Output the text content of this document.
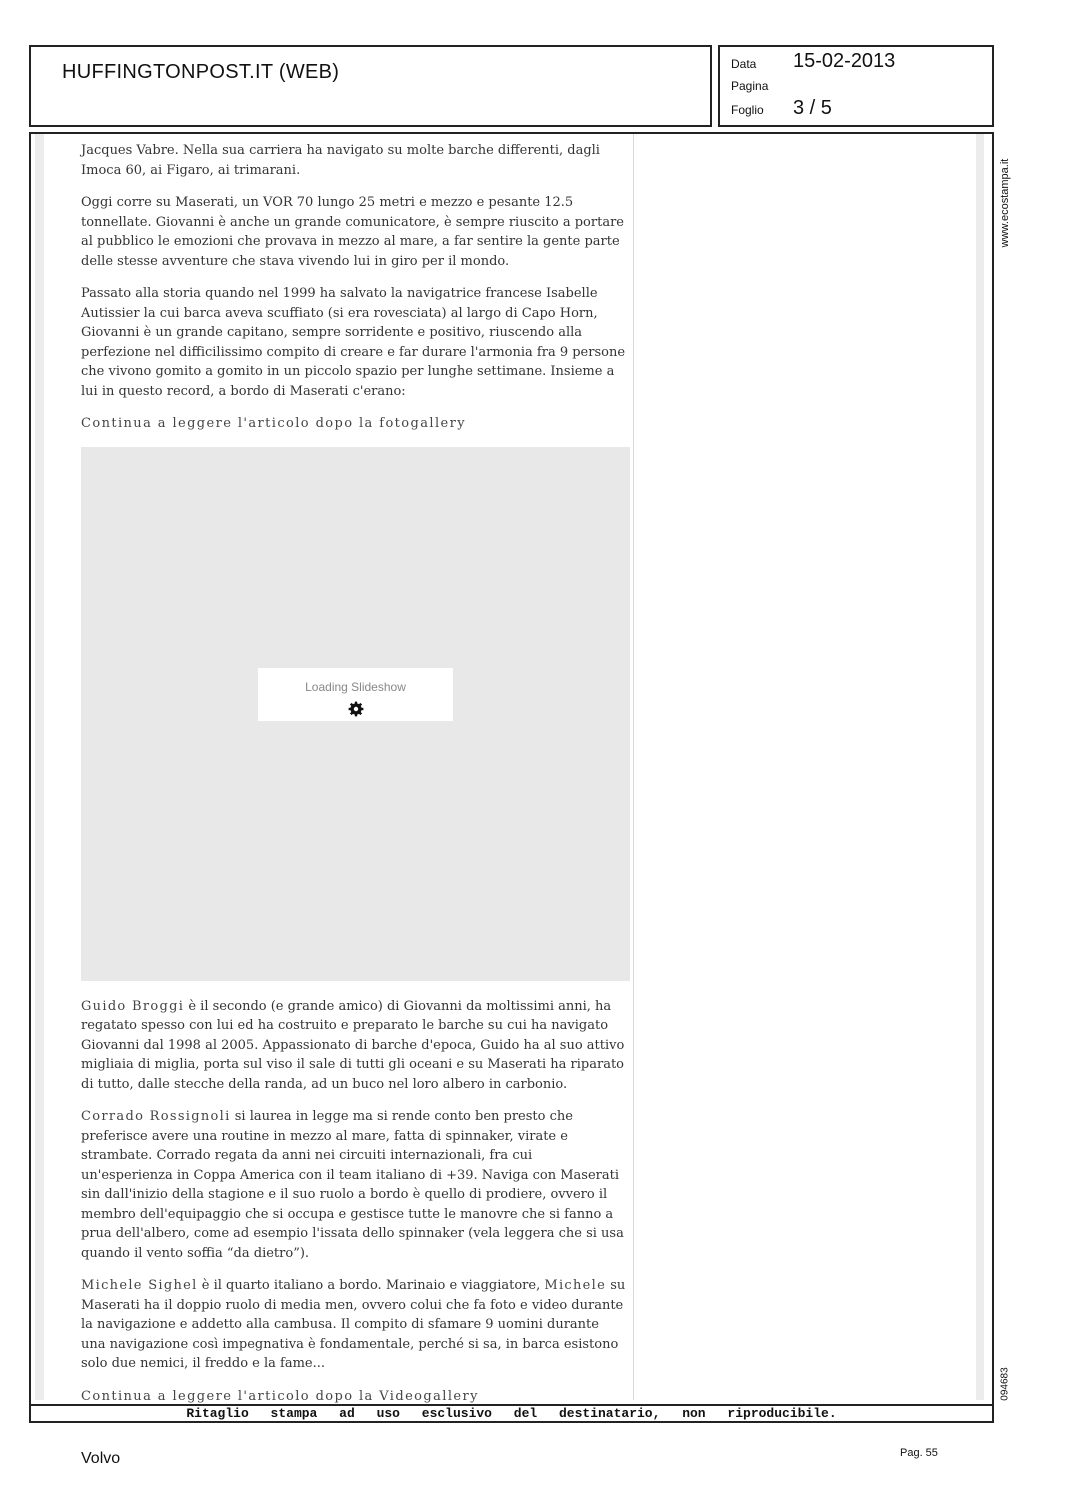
HUFFINGTONPOST.IT (WEB)	Data 15-02-2013
Pagina
Foglio 3 / 5
www.ecostampa.it
094683

Jacques Vabre. Nella sua carriera ha navigato su molte barche differenti, dagli Imoca 60, ai Figaro, ai trimarani.

Oggi corre su Maserati, un VOR 70 lungo 25 metri e mezzo e pesante 12.5 tonnellate. Giovanni è anche un grande comunicatore, è sempre riuscito a portare al pubblico le emozioni che provava in mezzo al mare, a far sentire la gente parte delle stesse avventure che stava vivendo lui in giro per il mondo.

Passato alla storia quando nel 1999 ha salvato la navigatrice francese Isabelle Autissier la cui barca aveva scuffiato (si era rovesciata) al largo di Capo Horn, Giovanni è un grande capitano, sempre sorridente e positivo, riuscendo alla perfezione nel difficilissimo compito di creare e far durare l'armonia fra 9 persone che vivono gomito a gomito in un piccolo spazio per lunghe settimane. Insieme a lui in questo record, a bordo di Maserati c'erano:

Continua a leggere l'articolo dopo la fotogallery

Loading Slideshow

Guido Broggi è il secondo (e grande amico) di Giovanni da moltissimi anni, ha regatato spesso con lui ed ha costruito e preparato le barche su cui ha navigato Giovanni dal 1998 al 2005. Appassionato di barche d'epoca, Guido ha al suo attivo migliaia di miglia, porta sul viso il sale di tutti gli oceani e su Maserati ha riparato di tutto, dalle stecche della randa, ad un buco nel loro albero in carbonio.

Corrado Rossignoli si laurea in legge ma si rende conto ben presto che preferisce avere una routine in mezzo al mare, fatta di spinnaker, virate e strambate. Corrado regata da anni nei circuiti internazionali, fra cui un'esperienza in Coppa America con il team italiano di +39. Naviga con Maserati sin dall'inizio della stagione e il suo ruolo a bordo è quello di prodiere, ovvero il membro dell'equipaggio che si occupa e gestisce tutte le manovre che si fanno a prua dell'albero, come ad esempio l'issata dello spinnaker (vela leggera che si usa quando il vento soffia “da dietro”).

Michele Sighel è il quarto italiano a bordo. Marinaio e viaggiatore, Michele su Maserati ha il doppio ruolo di media men, ovvero colui che fa foto e video durante la navigazione e addetto alla cambusa. Il compito di sfamare 9 uomini durante una navigazione così impegnativa è fondamentale, perché si sa, in barca esistono solo due nemici, il freddo e la fame...

Continua a leggere l'articolo dopo la Videogallery

Ritaglio stampa ad uso esclusivo del destinatario, non riproducibile.
Volvo	Pag. 55
